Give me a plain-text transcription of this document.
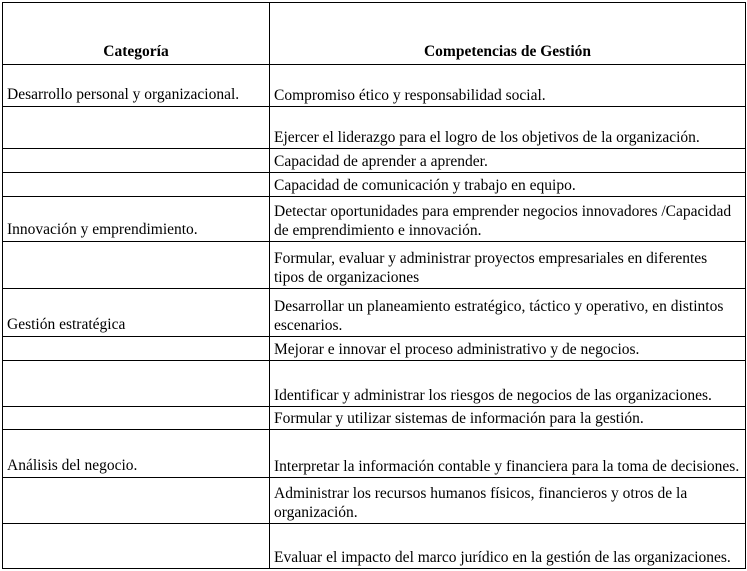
Categoría	Competencias de Gestión
Desarrollo personal y organizacional.	Compromiso ético y responsabilidad social.
	Ejercer el liderazgo para el logro de los objetivos de la organización.
	Capacidad de aprender a aprender.
	Capacidad de comunicación y trabajo en equipo.
Innovación y emprendimiento.	Detectar oportunidades para emprender negocios innovadores /Capacidad de emprendimiento e innovación.
	Formular, evaluar y administrar proyectos empresariales en diferentes tipos de organizaciones
Gestión estratégica	Desarrollar un planeamiento estratégico, táctico y operativo, en distintos escenarios.
	Mejorar e innovar el proceso administrativo y de negocios.
	Identificar y administrar los riesgos de negocios de las organizaciones.
	Formular y utilizar sistemas de información para la gestión.
Análisis del negocio.	Interpretar la información contable y financiera para la toma de decisiones.
	Administrar los recursos humanos físicos, financieros y otros de la organización.
	Evaluar el impacto del marco jurídico en la gestión de las organizaciones.
